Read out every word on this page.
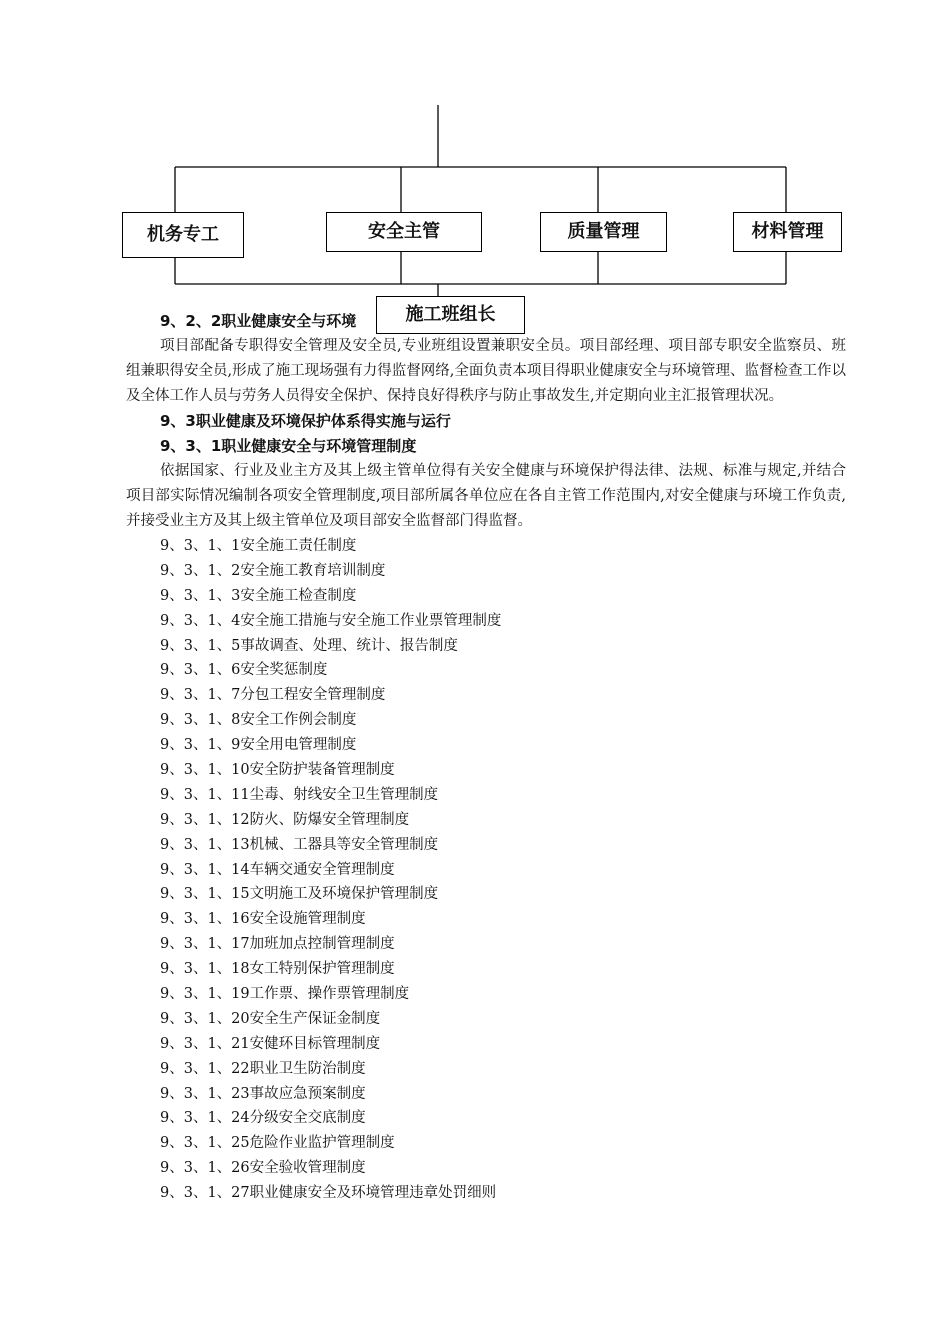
机务专工	安全主管	质量管理	材料管理
施工班组长
9、2、2职业健康安全与环境

项目部配备专职得安全管理及安全员,专业班组设置兼职安全员。项目部经理、项目部专职安全监察员、班组兼职得安全员,形成了施工现场强有力得监督网络,全面负责本项目得职业健康安全与环境管理、监督检查工作以及全体工作人员与劳务人员得安全保护、保持良好得秩序与防止事故发生,并定期向业主汇报管理状况。

9、3职业健康及环境保护体系得实施与运行
9、3、1职业健康安全与环境管理制度

依据国家、行业及业主方及其上级主管单位得有关安全健康与环境保护得法律、法规、标准与规定,并结合项目部实际情况编制各项安全管理制度,项目部所属各单位应在各自主管工作范围内,对安全健康与环境工作负责,并接受业主方及其上级主管单位及项目部安全监督部门得监督。

9、3、1、1安全施工责任制度
9、3、1、2安全施工教育培训制度
9、3、1、3安全施工检查制度
9、3、1、4安全施工措施与安全施工作业票管理制度
9、3、1、5事故调查、处理、统计、报告制度
9、3、1、6安全奖惩制度
9、3、1、7分包工程安全管理制度
9、3、1、8安全工作例会制度
9、3、1、9安全用电管理制度
9、3、1、10安全防护装备管理制度
9、3、1、11尘毒、射线安全卫生管理制度
9、3、1、12防火、防爆安全管理制度
9、3、1、13机械、工器具等安全管理制度
9、3、1、14车辆交通安全管理制度
9、3、1、15文明施工及环境保护管理制度
9、3、1、16安全设施管理制度
9、3、1、17加班加点控制管理制度
9、3、1、18女工特别保护管理制度
9、3、1、19工作票、操作票管理制度
9、3、1、20安全生产保证金制度
9、3、1、21安健环目标管理制度
9、3、1、22职业卫生防治制度
9、3、1、23事故应急预案制度
9、3、1、24分级安全交底制度
9、3、1、25危险作业监护管理制度
9、3、1、26安全验收管理制度
9、3、1、27职业健康安全及环境管理违章处罚细则
